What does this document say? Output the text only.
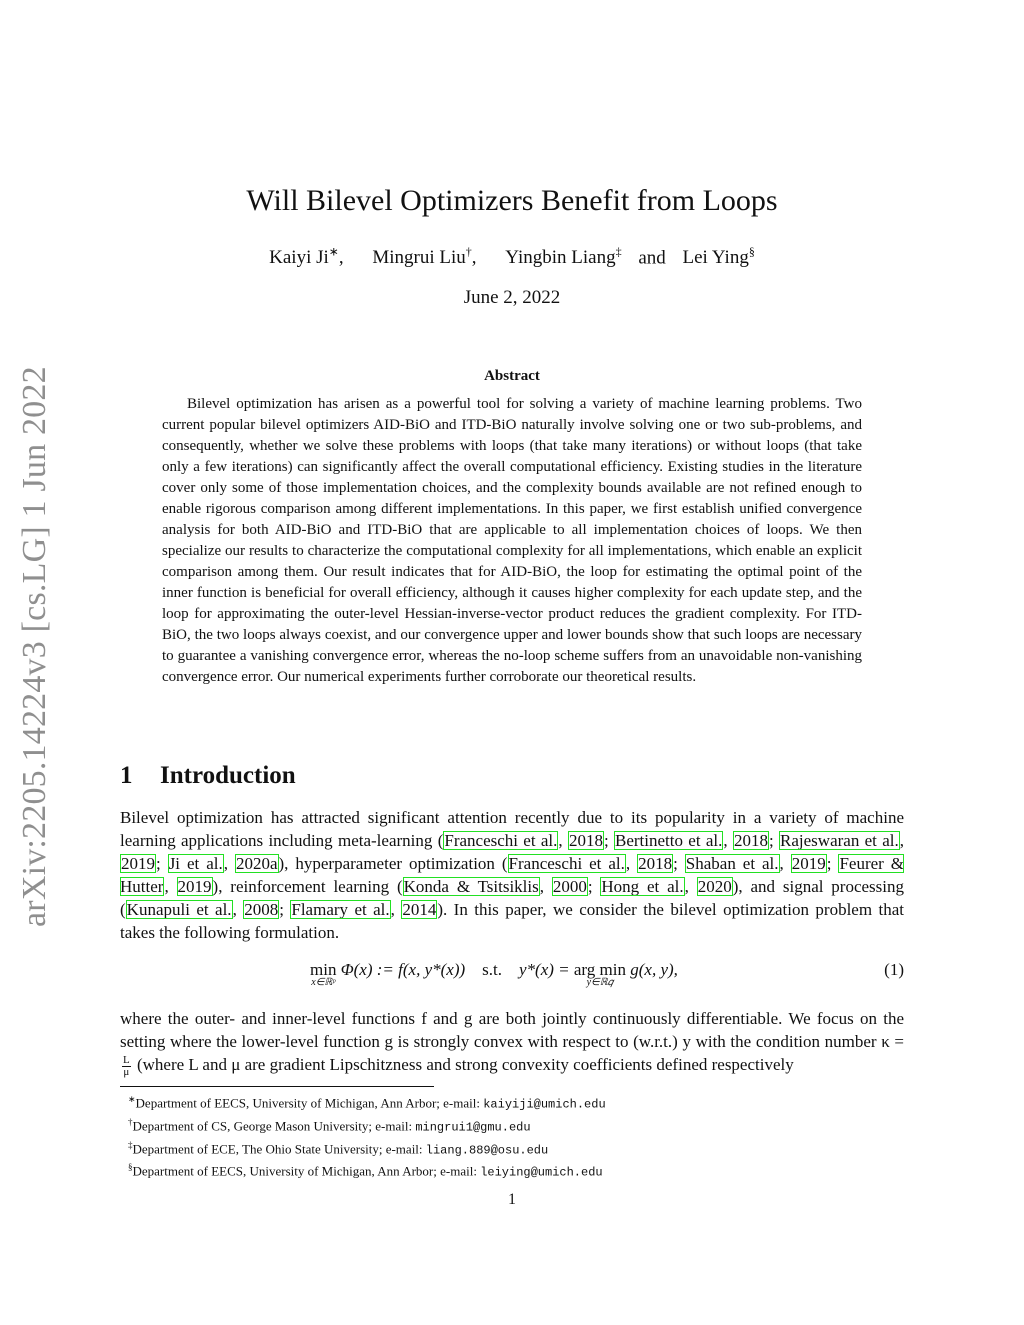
arXiv:2205.14224v3 [cs.LG] 1 Jun 2022
Will Bilevel Optimizers Benefit from Loops
Kaiyi Ji∗, Mingrui Liu†, Yingbin Liang‡ and Lei Ying§
June 2, 2022
Abstract
Bilevel optimization has arisen as a powerful tool for solving a variety of machine learning problems. Two current popular bilevel optimizers AID-BiO and ITD-BiO naturally involve solving one or two sub-problems, and consequently, whether we solve these problems with loops (that take many iterations) or without loops (that take only a few iterations) can significantly affect the overall computational efficiency. Existing studies in the literature cover only some of those implementation choices, and the complexity bounds available are not refined enough to enable rigorous comparison among different implementations. In this paper, we first establish unified convergence analysis for both AID-BiO and ITD-BiO that are applicable to all implementation choices of loops. We then specialize our results to characterize the computational complexity for all implementations, which enable an explicit comparison among them. Our result indicates that for AID-BiO, the loop for estimating the optimal point of the inner function is beneficial for overall efficiency, although it causes higher complexity for each update step, and the loop for approximating the outer-level Hessian-inverse-vector product reduces the gradient complexity. For ITD-BiO, the two loops always coexist, and our convergence upper and lower bounds show that such loops are necessary to guarantee a vanishing convergence error, whereas the no-loop scheme suffers from an unavoidable non-vanishing convergence error. Our numerical experiments further corroborate our theoretical results.
1 Introduction
Bilevel optimization has attracted significant attention recently due to its popularity in a variety of machine learning applications including meta-learning (Franceschi et al., 2018; Bertinetto et al., 2018; Rajeswaran et al., 2019; Ji et al., 2020a), hyperparameter optimization (Franceschi et al., 2018; Shaban et al., 2019; Feurer & Hutter, 2019), reinforcement learning (Konda & Tsitsiklis, 2000; Hong et al., 2020), and signal processing (Kunapuli et al., 2008; Flamary et al., 2014). In this paper, we consider the bilevel optimization problem that takes the following formulation.
min
x∈ℝᵖ
Φ(x) := f(x, y*(x)) s.t. y*(x) = arg min
y∈ℝ𝑞
g(x, y),	(1)
where the outer- and inner-level functions f and g are both jointly continuously differentiable. We focus on the setting where the lower-level function g is strongly convex with respect to (w.r.t.) y with the condition number κ =
$\frac{L}{\mu}$ (where L and μ are gradient Lipschitzness and strong convexity coefficients defined respectively
∗Department of EECS, University of Michigan, Ann Arbor; e-mail: kaiyiji@umich.edu
†Department of CS, George Mason University; e-mail: mingrui1@gmu.edu
‡Department of ECE, The Ohio State University; e-mail: liang.889@osu.edu
§Department of EECS, University of Michigan, Ann Arbor; e-mail: leiying@umich.edu
1
